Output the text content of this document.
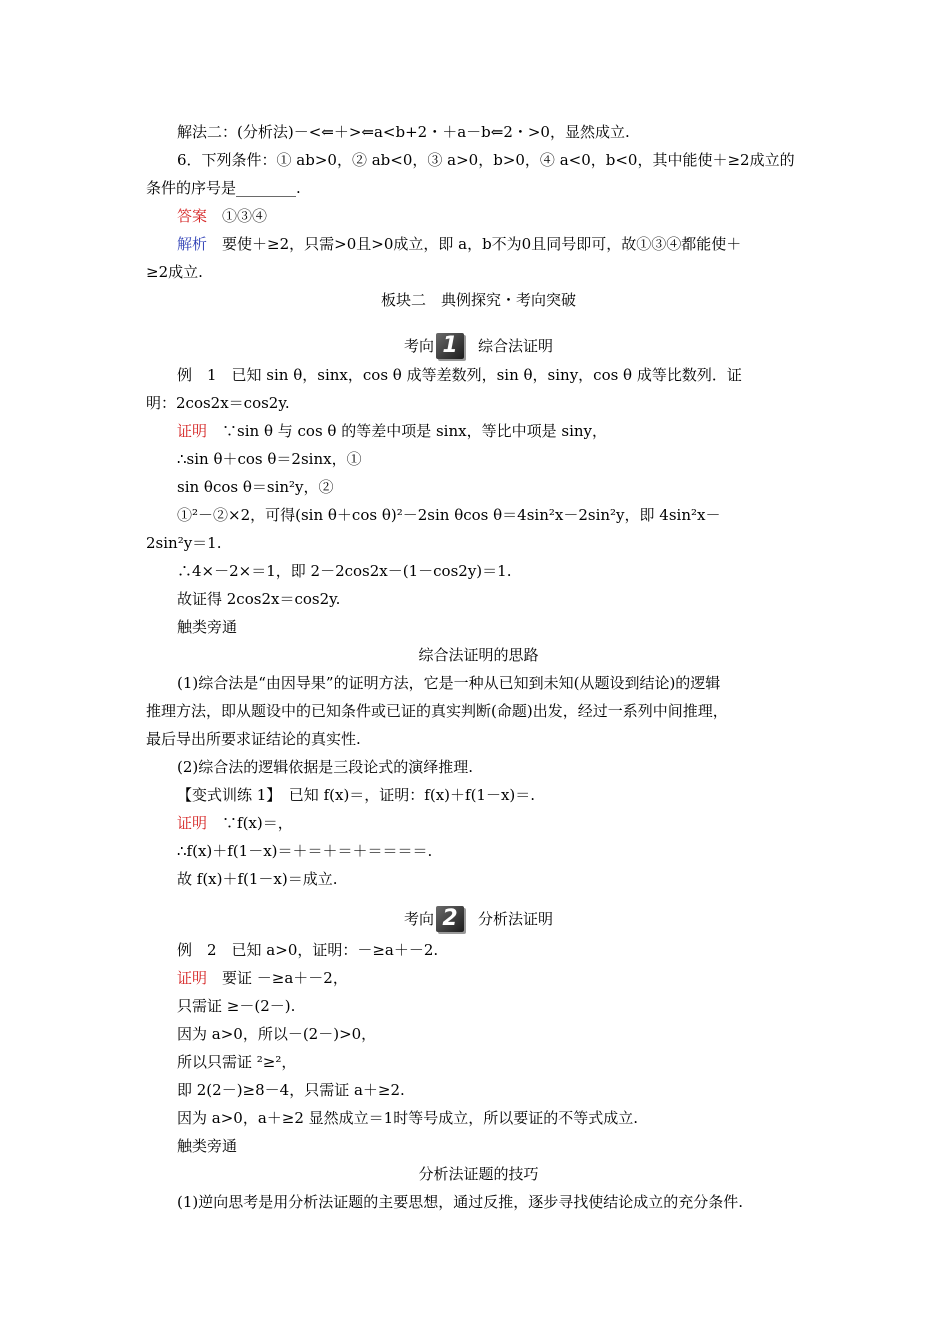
解法二：(分析法)－<⇐＋>⇐a<b+2・＋a－b⇐2・>0，显然成立.
6．下列条件：① ab>0，② ab<0，③ a>0，b>0，④ a<0，b<0，其中能使＋≥2成立的
条件的序号是________.
答案　 ①③④
解析　 要使＋≥2，只需>0且>0成立，即 a，b不为0且同号即可，故①③④都能使＋
≥2成立.
板块二　典例探究・考向突破
考向 1	综合法证明
例　1　已知 sin θ，sinx，cos θ 成等差数列，sin θ，siny，cos θ 成等比数列．证
明：2cos2x＝cos2y.
证明　 ∵sin θ 与 cos θ 的等差中项是 sinx，等比中项是 siny，
∴sin θ＋cos θ＝2sinx，①
sin θcos θ＝sin²y，②
①²－②×2，可得(sin θ＋cos θ)²－2sin θcos θ＝4sin²x－2sin²y，即 4sin²x－
2sin²y＝1.
∴4×－2×＝1，即 2－2cos2x－(1－cos2y)＝1.
故证得 2cos2x＝cos2y.
触类旁通
综合法证明的思路
(1)综合法是“由因导果”的证明方法，它是一种从已知到未知(从题设到结论)的逻辑
推理方法，即从题设中的已知条件或已证的真实判断(命题)出发，经过一系列中间推理，
最后导出所要求证结论的真实性.
(2)综合法的逻辑依据是三段论式的演绎推理.
【变式训练 1】　已知 f(x)＝，证明：f(x)＋f(1－x)＝.
证明　 ∵f(x)＝，
∴f(x)＋f(1－x)＝＋＝＋＝＋＝＝＝＝.
故 f(x)＋f(1－x)＝成立.
考向 2	分析法证明
例　2　已知 a>0，证明：－≥a＋－2.
证明　 要证 －≥a＋－2，
只需证 ≥－(2－).
因为 a>0，所以－(2－)>0，
所以只需证 ²≥²，
即 2(2－)≥8－4，只需证 a＋≥2.
因为 a>0，a＋≥2 显然成立＝1时等号成立，所以要证的不等式成立.
触类旁通
分析法证题的技巧
(1)逆向思考是用分析法证题的主要思想，通过反推，逐步寻找使结论成立的充分条件.
